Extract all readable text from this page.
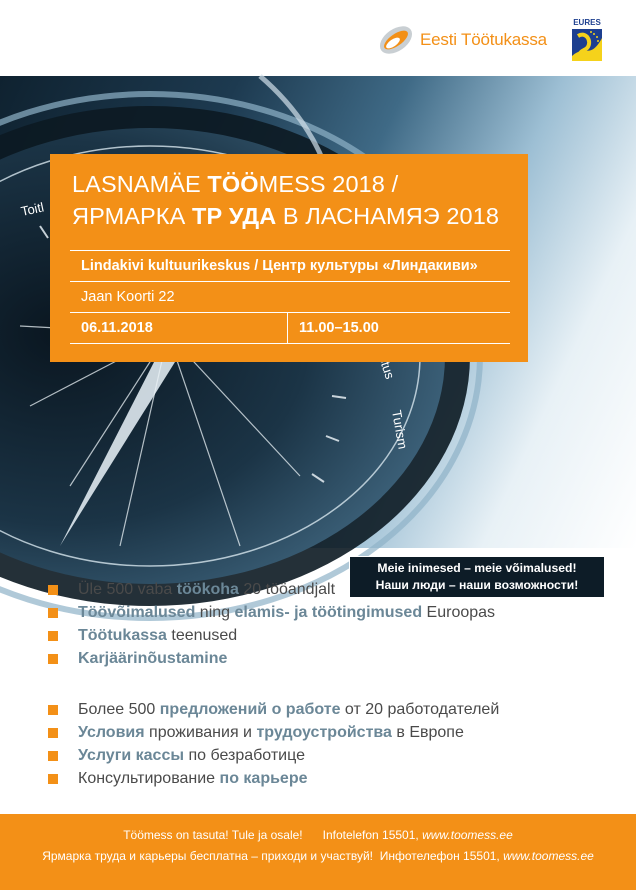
Eesti Töötukassa
EURES
Toitl
Turism
LASNAMÄE TÖÖMESS 2018 /
ЯРМАРКА ТР УДА В ЛАСНАМЯЭ 2018
Lindakivi kultuurikeskus / Центр культуры «Линдакиви»
Jaan Koorti 22
06.11.2018	11.00–15.00
Meie inimesed – meie võimalused!
Наши люди – наши возможности!
Üle 500 vaba töökoha 20 tööandjalt
Töövõimalused ning elamis- ja töötingimused Euroopas
Töötukassa teenused
Karjäärinõustamine
Более 500 предложений о работе от 20 работодателей
Условия проживания и трудоустройства в Европе
Услуги кассы по безработице
Консультирование по карьере
Töömess on tasuta! Tule ja osale! Infotelefon 15501, www.toomess.ee
Ярмарка труда и карьеры бесплатна – приходи и участвуй! Инфотелефон 15501, www.toomess.ee
